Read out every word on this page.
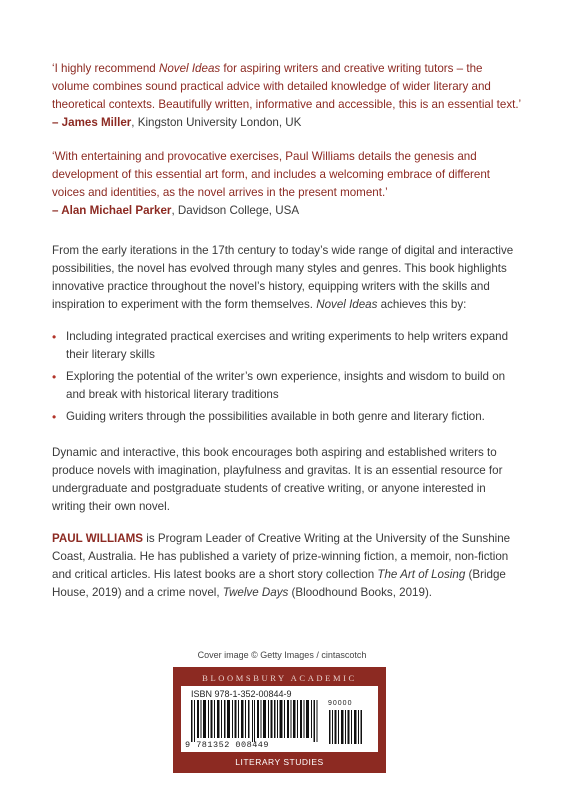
‘I highly recommend Novel Ideas for aspiring writers and creative writing tutors – the volume combines sound practical advice with detailed knowledge of wider literary and theoretical contexts. Beautifully written, informative and accessible, this is an essential text.’
– James Miller, Kingston University London, UK

‘With entertaining and provocative exercises, Paul Williams details the genesis and development of this essential art form, and includes a welcoming embrace of different voices and identities, as the novel arrives in the present moment.’
– Alan Michael Parker, Davidson College, USA

From the early iterations in the 17th century to today’s wide range of digital and interactive possibilities, the novel has evolved through many styles and genres. This book highlights innovative practice throughout the novel’s history, equipping writers with the skills and inspiration to experiment with the form themselves. Novel Ideas achieves this by:

• Including integrated practical exercises and writing experiments to help writers expand their literary skills
• Exploring the potential of the writer’s own experience, insights and wisdom to build on and break with historical literary traditions
• Guiding writers through the possibilities available in both genre and literary fiction.

Dynamic and interactive, this book encourages both aspiring and established writers to produce novels with imagination, playfulness and gravitas. It is an essential resource for undergraduate and postgraduate students of creative writing, or anyone interested in writing their own novel.

PAUL WILLIAMS is Program Leader of Creative Writing at the University of the Sunshine Coast, Australia. He has published a variety of prize-winning fiction, a memoir, non-fiction and critical articles. His latest books are a short story collection The Art of Losing (Bridge House, 2019) and a crime novel, Twelve Days (Bloodhound Books, 2019).

Cover image © Getty Images / cintascotch
BLOOMSBURY ACADEMIC
ISBN 978-1-352-00844-9
90000
9 781352 008449
LITERARY STUDIES
